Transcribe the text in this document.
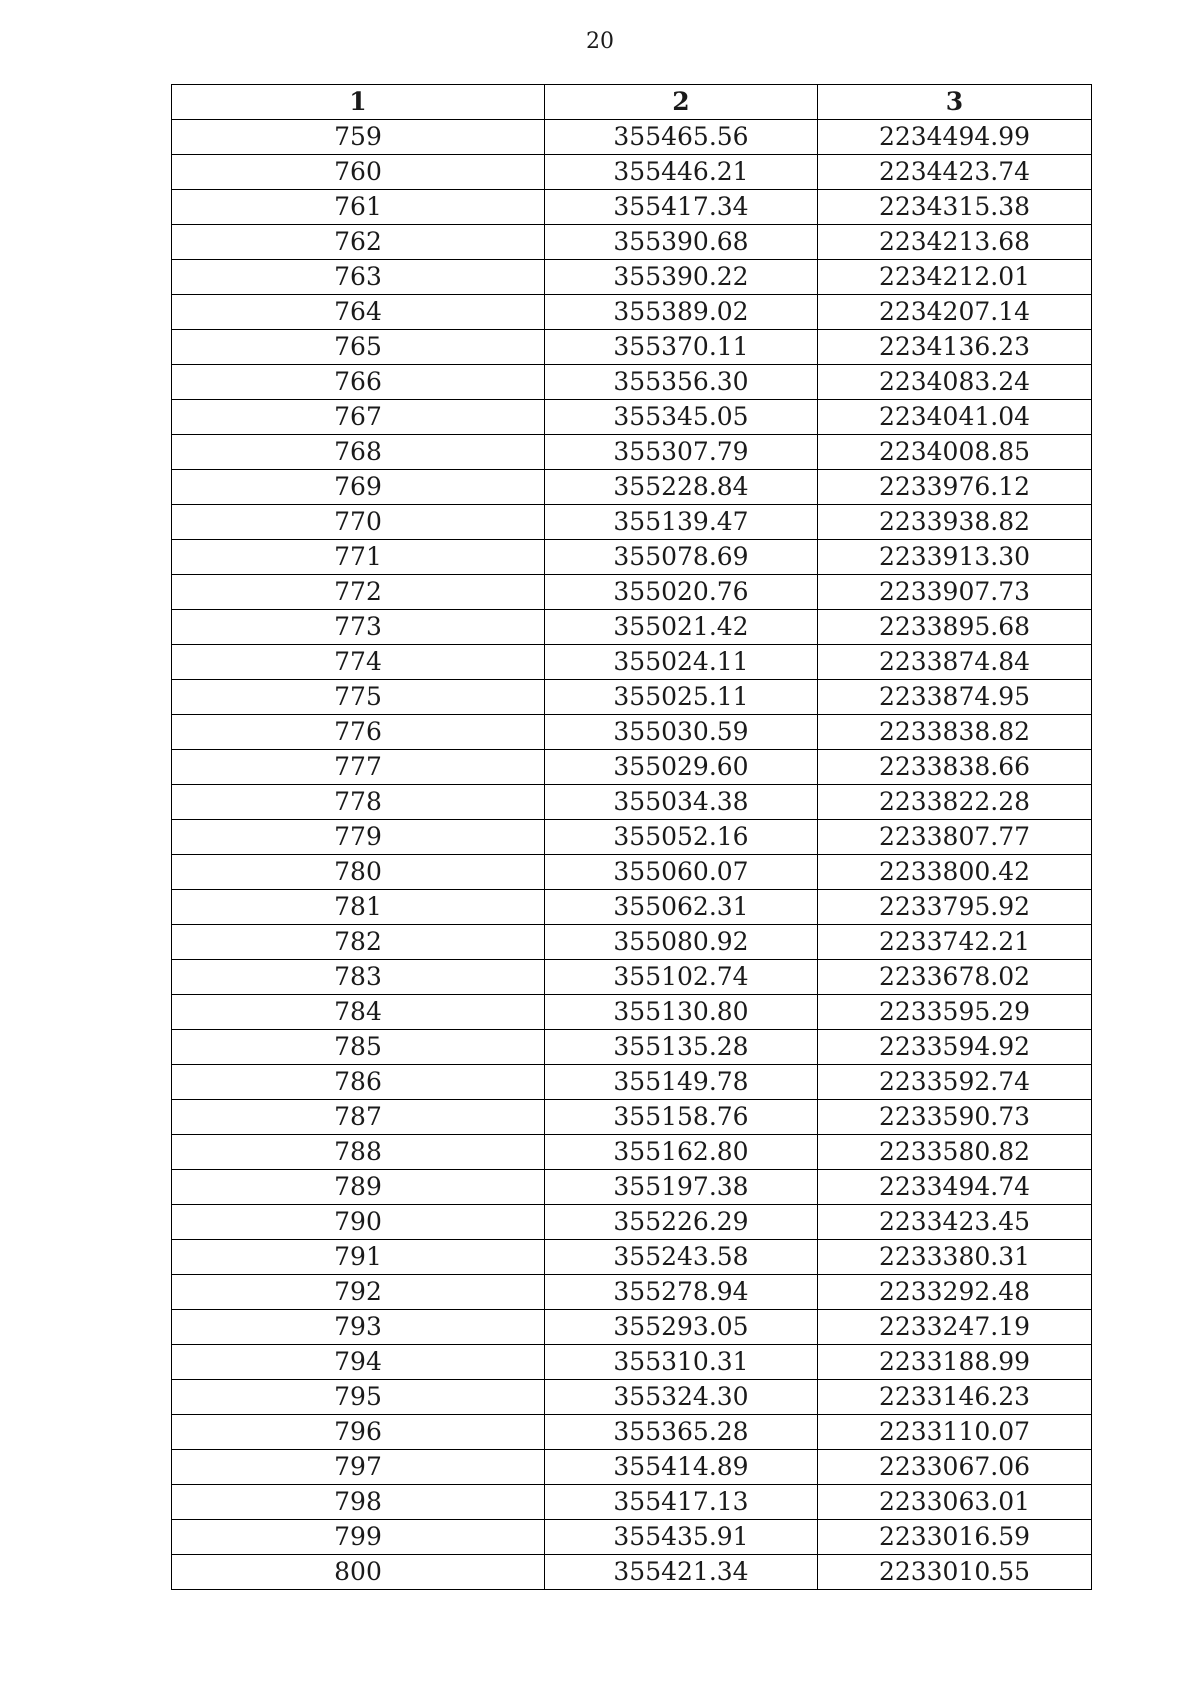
20
1	2	3
759	355465.56	2234494.99
760	355446.21	2234423.74
761	355417.34	2234315.38
762	355390.68	2234213.68
763	355390.22	2234212.01
764	355389.02	2234207.14
765	355370.11	2234136.23
766	355356.30	2234083.24
767	355345.05	2234041.04
768	355307.79	2234008.85
769	355228.84	2233976.12
770	355139.47	2233938.82
771	355078.69	2233913.30
772	355020.76	2233907.73
773	355021.42	2233895.68
774	355024.11	2233874.84
775	355025.11	2233874.95
776	355030.59	2233838.82
777	355029.60	2233838.66
778	355034.38	2233822.28
779	355052.16	2233807.77
780	355060.07	2233800.42
781	355062.31	2233795.92
782	355080.92	2233742.21
783	355102.74	2233678.02
784	355130.80	2233595.29
785	355135.28	2233594.92
786	355149.78	2233592.74
787	355158.76	2233590.73
788	355162.80	2233580.82
789	355197.38	2233494.74
790	355226.29	2233423.45
791	355243.58	2233380.31
792	355278.94	2233292.48
793	355293.05	2233247.19
794	355310.31	2233188.99
795	355324.30	2233146.23
796	355365.28	2233110.07
797	355414.89	2233067.06
798	355417.13	2233063.01
799	355435.91	2233016.59
800	355421.34	2233010.55
